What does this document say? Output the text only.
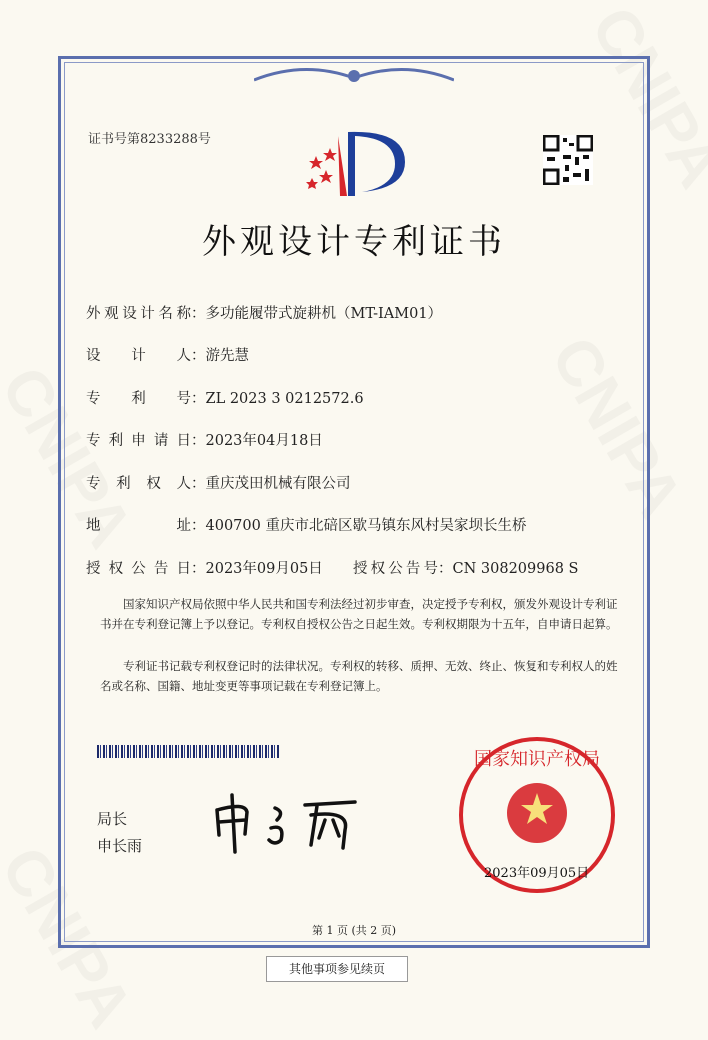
证书号第8233288号
外观设计专利证书
外观设计名称：多功能履带式旋耕机（MT-IAM01）
设计人：游先慧
专利号：ZL 2023 3 0212572.6
专利申请日：2023年04月18日
专利权人：重庆茂田机械有限公司
地址：400700 重庆市北碚区歇马镇东风村吴家坝长生桥
授权公告日：2023年09月05日 授权公告号：CN 308209968 S
国家知识产权局依照中华人民共和国专利法经过初步审查，决定授予专利权，颁发外观设计专利证书并在专利登记簿上予以登记。专利权自授权公告之日起生效。专利权期限为十五年，自申请日起算。
专利证书记载专利权登记时的法律状况。专利权的转移、质押、无效、终止、恢复和专利权人的姓名或名称、国籍、地址变更等事项记载在专利登记簿上。
局长
申长雨
国家知识产权局
2023年09月05日
第 1 页 (共 2 页)
其他事项参见续页
